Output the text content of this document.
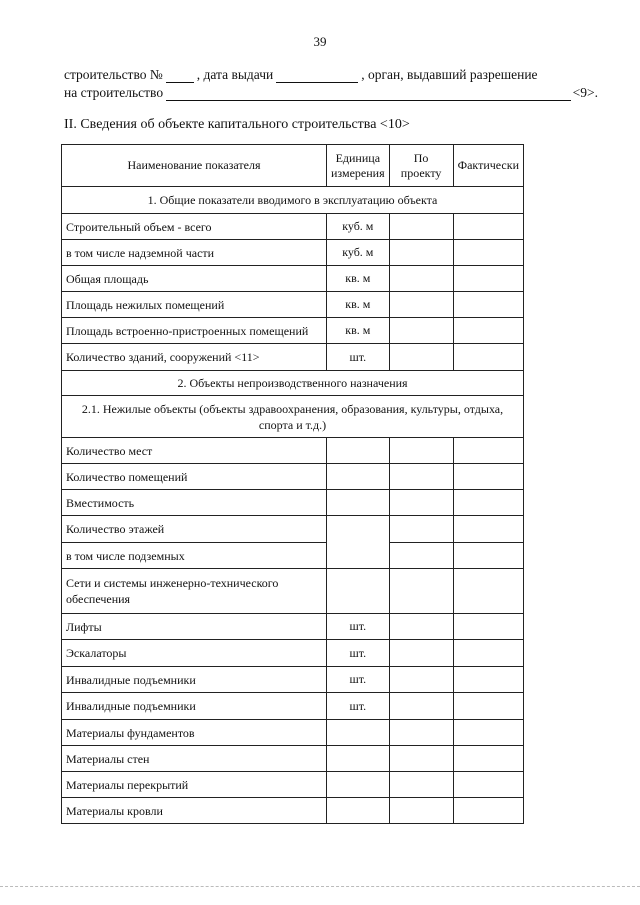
39
строительство №	, дата выдачи	, орган, выдавший разрешение
на строительство	<9>.
II. Сведения об объекте капитального строительства <10>
Наименование показателя	Единица измерения	По проекту	Фактически
1. Общие показатели вводимого в эксплуатацию объекта			
Строительный объем - всего	куб. м		
в том числе надземной части	куб. м		
Общая площадь	кв. м		
Площадь нежилых помещений	кв. м		
Площадь встроенно-пристроенных помещений	кв. м		
Количество зданий, сооружений <11>	шт.		
2. Объекты непроизводственного назначения			
2.1. Нежилые объекты (объекты здравоохранения, образования, культуры, отдыха, спорта и т.д.)			
Количество мест			
Количество помещений			
Вместимость			
Количество этажей			
в том числе подземных			
Сети и системы инженерно-технического обеспечения			
Лифты	шт.		
Эскалаторы	шт.		
Инвалидные подъемники	шт.		
Инвалидные подъемники	шт.		
Материалы фундаментов			
Материалы стен			
Материалы перекрытий			
Материалы кровли			
